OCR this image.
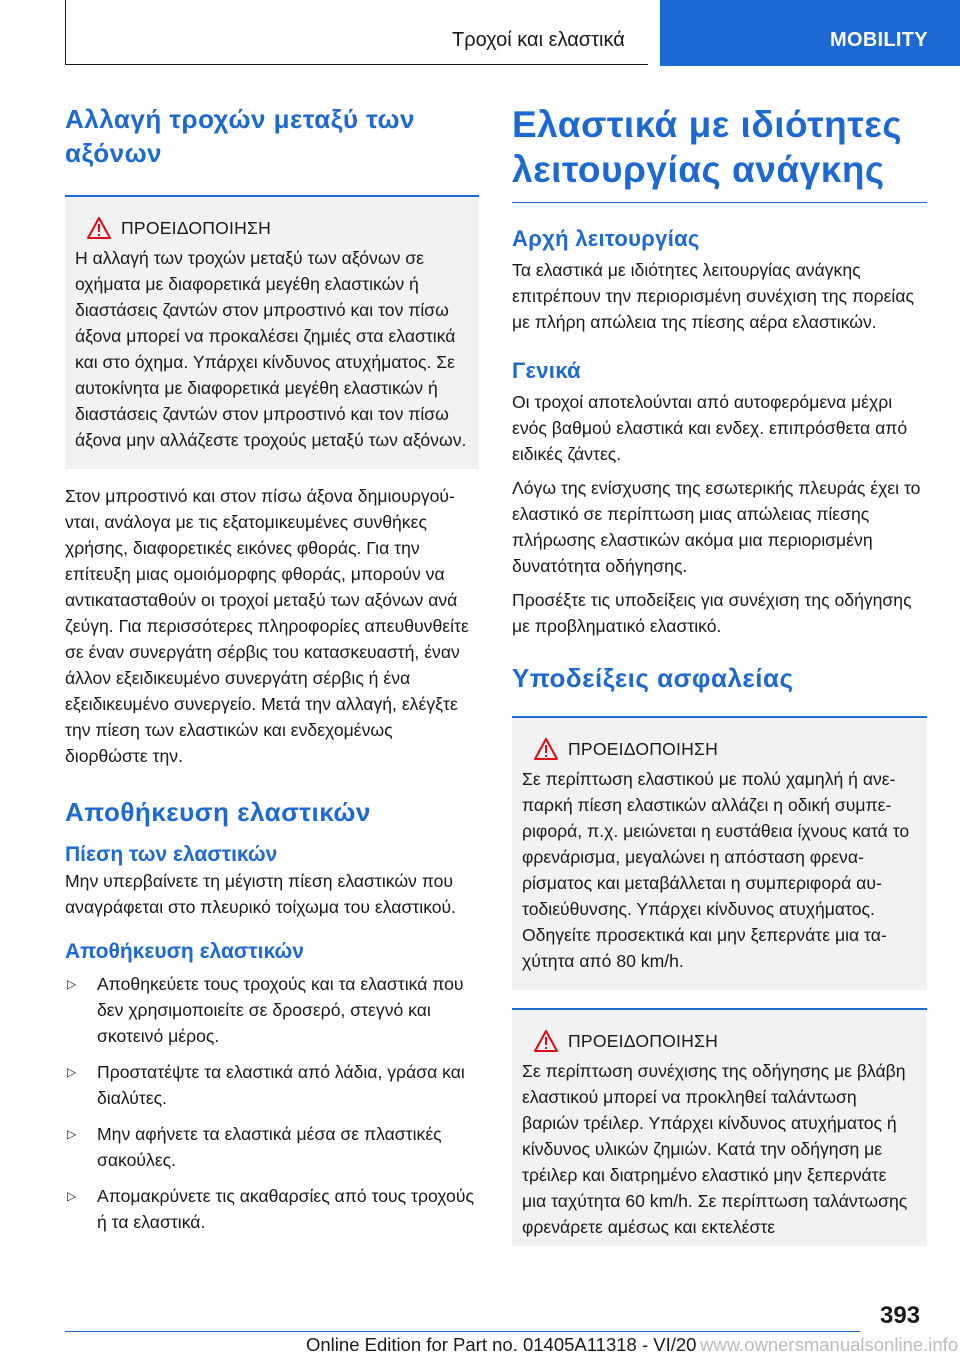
Τροχοί και ελαστικά	MOBILITY
Αλλαγή τροχών μεταξύ των αξόνων
ΠΡΟΕΙΔΟΠΟΙΗΣΗ

Η αλλαγή των τροχών μεταξύ των αξόνων σε οχήματα με διαφορετικά μεγέθη ελαστικών ή διαστάσεις ζαντών στον μπροστινό και τον πίσω άξονα μπορεί να προκαλέσει ζημιές στα ελαστικά και στο όχημα. Υπάρχει κίνδυνος ατυχήματος. Σε αυτοκίνητα με διαφορετικά μεγέθη ελαστικών ή διαστάσεις ζαντών στον μπροστινό και τον πίσω άξονα μην αλλάζεστε τροχούς μεταξύ των αξόνων.

Στον μπροστινό και στον πίσω άξονα δημιουργούνται, ανάλογα με τις εξατομικευμένες συνθήκες χρήσης, διαφορετικές εικόνες φθοράς. Για την επίτευξη μιας ομοιόμορφης φθοράς, μπορούν να αντικατασταθούν οι τροχοί μεταξύ των αξόνων ανά ζεύγη. Για περισσότερες πληροφορίες απευθυνθείτε σε έναν συνεργάτη σέρβις του κατασκευαστή, έναν άλλον εξειδικευμένο συνεργάτη σέρβις ή ένα εξειδικευμένο συνεργείο. Μετά την αλλαγή, ελέγξτε την πίεση των ελαστικών και ενδεχομένως διορθώστε την.

Αποθήκευση ελαστικών
Πίεση των ελαστικών

Μην υπερβαίνετε τη μέγιστη πίεση ελαστικών που αναγράφεται στο πλευρικό τοίχωμα του ελαστικού.

Αποθήκευση ελαστικών
▷	Αποθηκεύετε τους τροχούς και τα ελαστικά που δεν χρησιμοποιείτε σε δροσερό, στεγνό και σκοτεινό μέρος.

▷	Προστατέψτε τα ελαστικά από λάδια, γράσα και διαλύτες.

▷	Μην αφήνετε τα ελαστικά μέσα σε πλαστικές σακούλες.

▷	Απομακρύνετε τις ακαθαρσίες από τους τροχούς ή τα ελαστικά.

Ελαστικά με ιδιότητες λειτουργίας ανάγκης
Αρχή λειτουργίας

Τα ελαστικά με ιδιότητες λειτουργίας ανάγκης επιτρέπουν την περιορισμένη συνέχιση της πορείας με πλήρη απώλεια της πίεσης αέρα ελαστικών.

Γενικά

Οι τροχοί αποτελούνται από αυτοφερόμενα μέχρι ενός βαθμού ελαστικά και ενδεχ. επιπρόσθετα από ειδικές ζάντες.

Λόγω της ενίσχυσης της εσωτερικής πλευράς έχει το ελαστικό σε περίπτωση μιας απώλειας πίεσης πλήρωσης ελαστικών ακόμα μια περιορισμένη δυνατότητα οδήγησης.

Προσέξτε τις υποδείξεις για συνέχιση της οδήγησης με προβληματικό ελαστικό.

Υποδείξεις ασφαλείας
ΠΡΟΕΙΔΟΠΟΙΗΣΗ

Σε περίπτωση ελαστικού με πολύ χαμηλή ή ανεπαρκή πίεση ελαστικών αλλάζει η οδική συμπεριφορά, π.χ. μειώνεται η ευστάθεια ίχνους κατά το φρενάρισμα, μεγαλώνει η απόσταση φρεναρίσματος και μεταβάλλεται η συμπεριφορά αυτοδιεύθυνσης. Υπάρχει κίνδυνος ατυχήματος. Οδηγείτε προσεκτικά και μην ξεπερνάτε μια ταχύτητα από 80 km/h.

ΠΡΟΕΙΔΟΠΟΙΗΣΗ

Σε περίπτωση συνέχισης της οδήγησης με βλάβη ελαστικού μπορεί να προκληθεί ταλάντωση βαριών τρέιλερ. Υπάρχει κίνδυνος ατυχήματος ή κίνδυνος υλικών ζημιών. Κατά την οδήγηση με τρέιλερ και διατρημένο ελαστικό μην ξεπερνάτε μια ταχύτητα 60 km/h. Σε περίπτωση ταλάντωσης φρενάρετε αμέσως και εκτελέστε

393
Online Edition for Part no. 01405A11318 - VI/20 www.ownersmanualsonline.info
